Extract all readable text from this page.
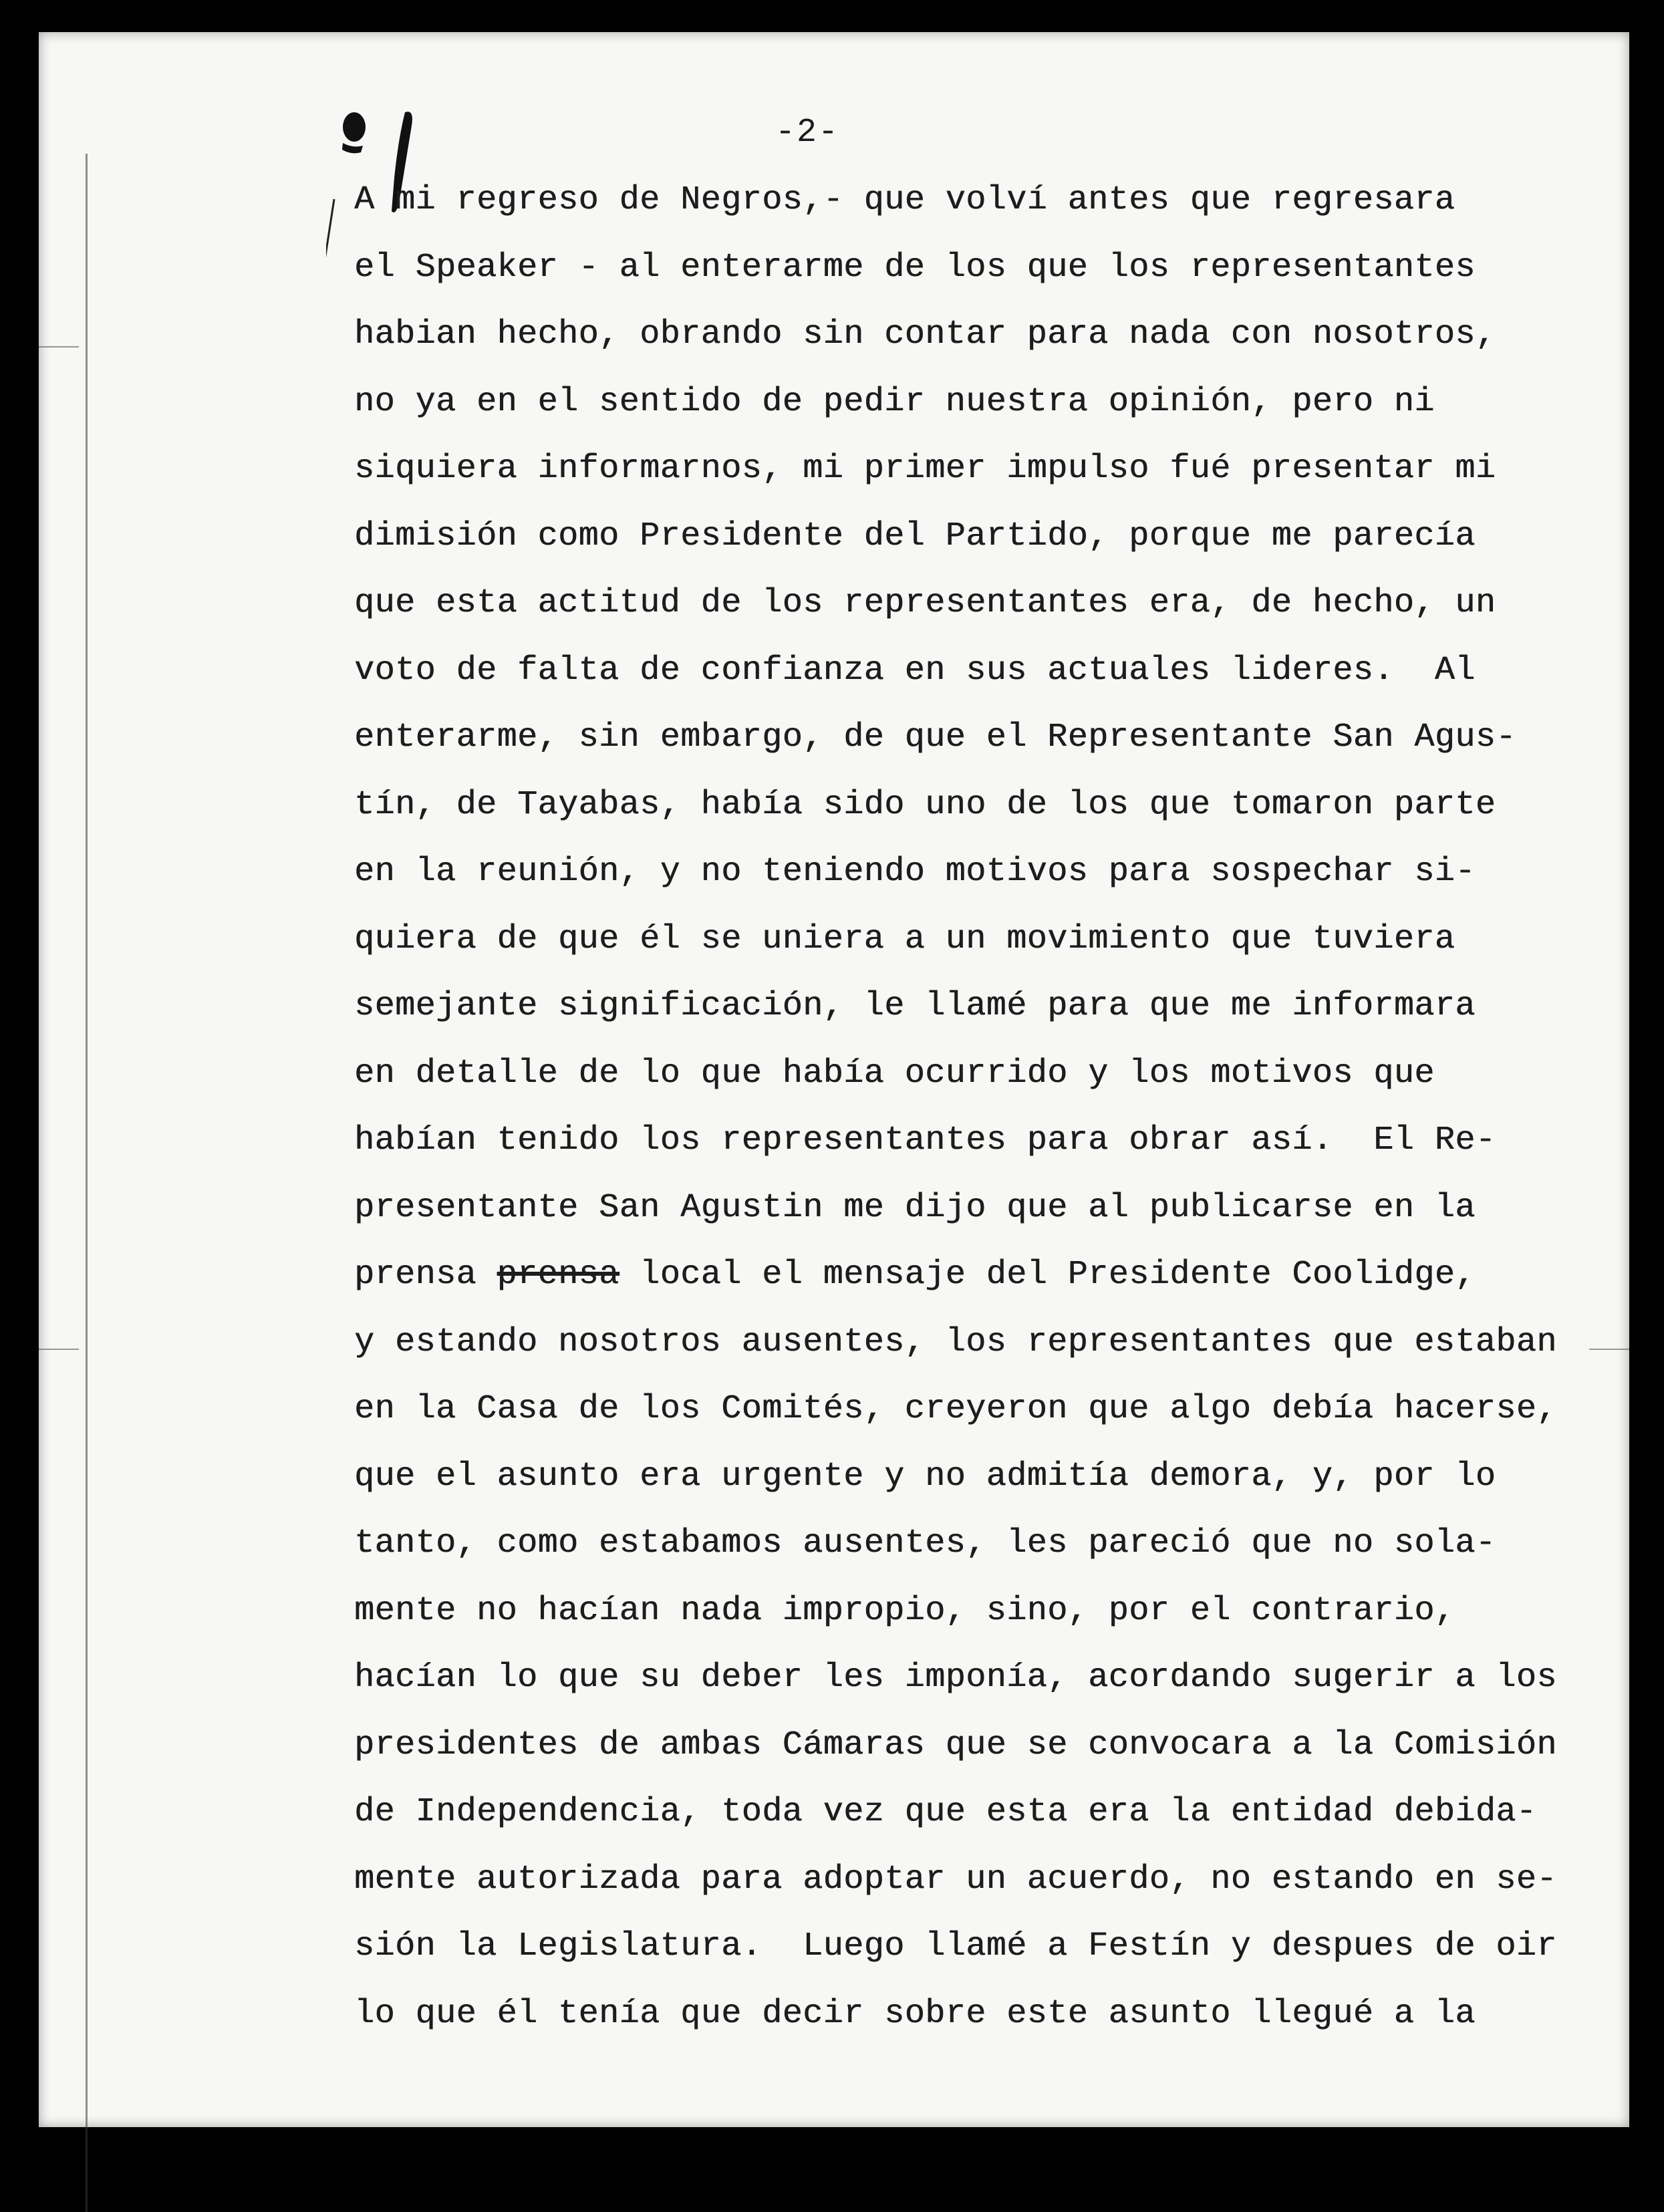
-2-
A mi regreso de Negros,- que volví antes que regresara
el Speaker - al enterarme de los que los representantes
habian hecho, obrando sin contar para nada con nosotros,
no ya en el sentido de pedir nuestra opinión, pero ni
siquiera informarnos, mi primer impulso fué presentar mi
dimisión como Presidente del Partido, porque me parecía
que esta actitud de los representantes era, de hecho, un
voto de falta de confianza en sus actuales lideres.  Al
enterarme, sin embargo, de que el Representante San Agus-
tín, de Tayabas, había sido uno de los que tomaron parte
en la reunión, y no teniendo motivos para sospechar si-
quiera de que él se uniera a un movimiento que tuviera
semejante significación, le llamé para que me informara
en detalle de lo que había ocurrido y los motivos que
habían tenido los representantes para obrar así.  El Re-
presentante San Agustin me dijo que al publicarse en la
prensa prensa local el mensaje del Presidente Coolidge,
y estando nosotros ausentes, los representantes que estaban
en la Casa de los Comités, creyeron que algo debía hacerse,
que el asunto era urgente y no admitía demora, y, por lo
tanto, como estabamos ausentes, les pareció que no sola-
mente no hacían nada impropio, sino, por el contrario,
hacían lo que su deber les imponía, acordando sugerir a los
presidentes de ambas Cámaras que se convocara a la Comisión
de Independencia, toda vez que esta era la entidad debida-
mente autorizada para adoptar un acuerdo, no estando en se-
sión la Legislatura.  Luego llamé a Festín y despues de oir
lo que él tenía que decir sobre este asunto llegué a la
